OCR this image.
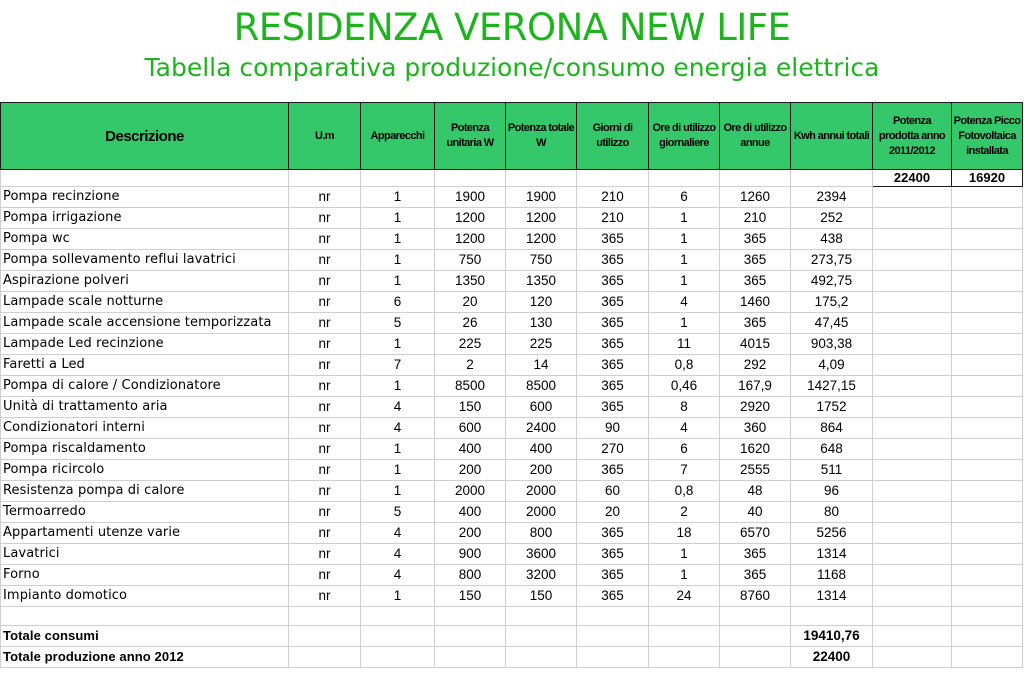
RESIDENZA VERONA NEW LIFE
Tabella comparativa produzione/consumo energia elettrica
Descrizione	U.m	Apparecchi	Potenza unitaria W	Potenza totale W	Giorni di utilizzo	Ore di utilizzo giornaliere	Ore di utilizzo annue	Kwh annui totali	Potenza prodotta anno 2011/2012	Potenza Picco Fotovoltaica installata
									22400	16920
Pompa recinzione	nr	1	1900	1900	210	6	1260	2394		
Pompa irrigazione	nr	1	1200	1200	210	1	210	252		
Pompa wc	nr	1	1200	1200	365	1	365	438		
Pompa sollevamento reflui lavatrici	nr	1	750	750	365	1	365	273,75		
Aspirazione polveri	nr	1	1350	1350	365	1	365	492,75		
Lampade scale notturne	nr	6	20	120	365	4	1460	175,2		
Lampade scale accensione temporizzata	nr	5	26	130	365	1	365	47,45		
Lampade Led recinzione	nr	1	225	225	365	11	4015	903,38		
Faretti a Led	nr	7	2	14	365	0,8	292	4,09		
Pompa di calore / Condizionatore	nr	1	8500	8500	365	0,46	167,9	1427,15		
Unità di trattamento aria	nr	4	150	600	365	8	2920	1752		
Condizionatori interni	nr	4	600	2400	90	4	360	864		
Pompa riscaldamento	nr	1	400	400	270	6	1620	648		
Pompa ricircolo	nr	1	200	200	365	7	2555	511		
Resistenza pompa di calore	nr	1	2000	2000	60	0,8	48	96		
Termoarredo	nr	5	400	2000	20	2	40	80		
Appartamenti utenze varie	nr	4	200	800	365	18	6570	5256		
Lavatrici	nr	4	900	3600	365	1	365	1314		
Forno	nr	4	800	3200	365	1	365	1168		
Impianto domotico	nr	1	150	150	365	24	8760	1314		

Totale consumi								19410,76		
Totale produzione anno 2012								22400		
